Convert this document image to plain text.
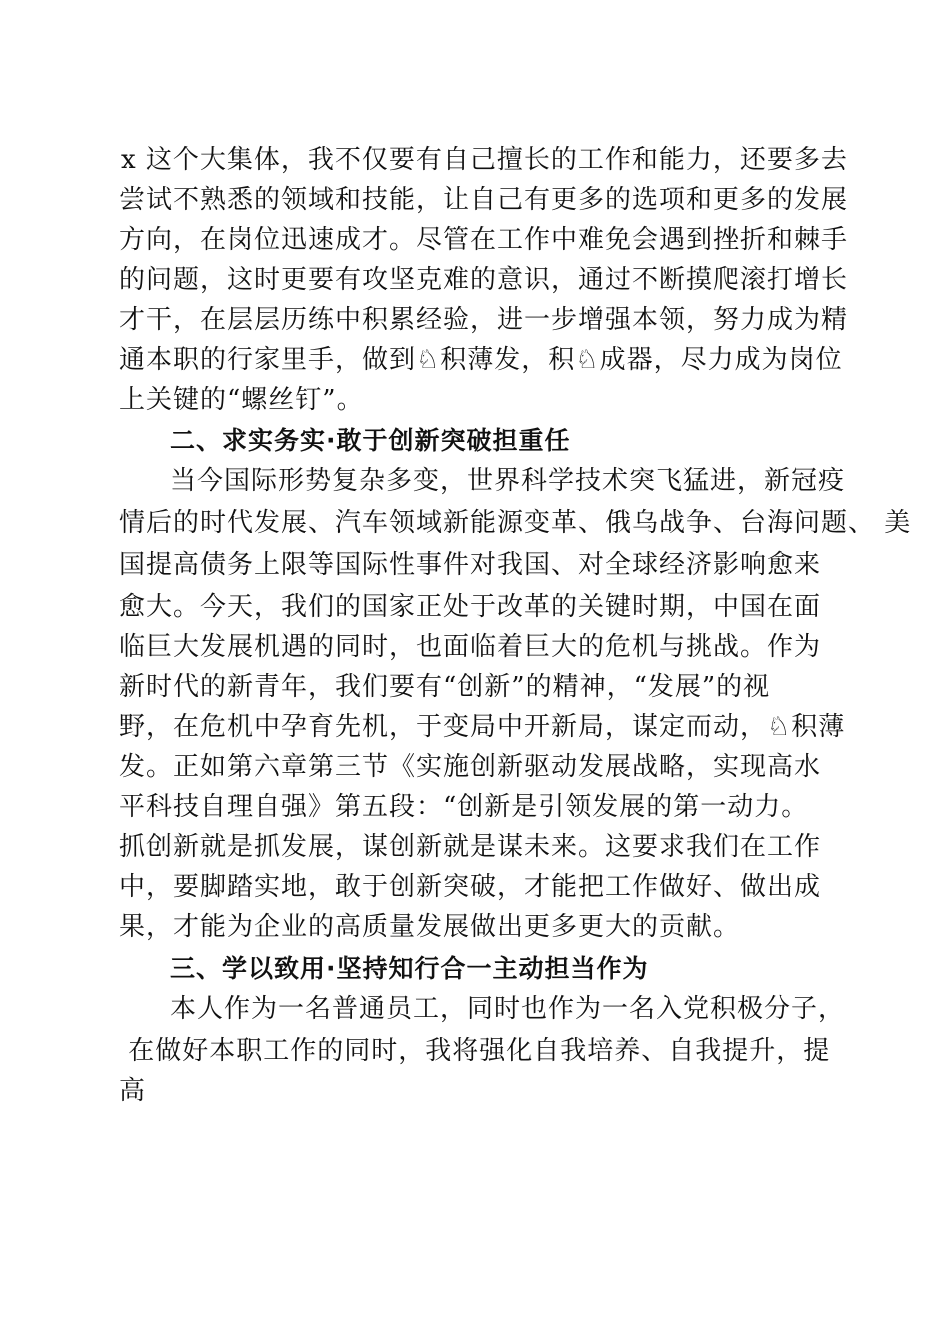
x 这个大集体，我不仅要有自己擅长的工作和能力，还要多去
尝试不熟悉的领域和技能，让自己有更多的选项和更多的发展
方向，在岗位迅速成才。尽管在工作中难免会遇到挫折和棘手
的问题，这时更要有攻坚克难的意识，通过不断摸爬滚打增长
才干，在层层历练中积累经验，进一步增强本领，努力成为精
通本职的行家里手，做到♘积薄发，积♘成器，尽力成为岗位
上关键的“螺丝钉”。
二、求实务实·敢于创新突破担重任
当今国际形势复杂多变，世界科学技术突飞猛进，新冠疫
情后的时代发展、汽车领域新能源变革、俄乌战争、台海问题、 美
国提高债务上限等国际性事件对我国、对全球经济影响愈来
愈大。今天，我们的国家正处于改革的关键时期，中国在面
临巨大发展机遇的同时，也面临着巨大的危机与挑战。作为
新时代的新青年，我们要有“创新”的精神，“发展”的视
野，在危机中孕育先机，于变局中开新局，谋定而动，♘积薄
发。正如第六章第三节《实施创新驱动发展战略，实现高水
平科技自理自强》第五段：“创新是引领发展的第一动力。
抓创新就是抓发展，谋创新就是谋未来。这要求我们在工作
中，要脚踏实地，敢于创新突破，才能把工作做好、做出成
果，才能为企业的高质量发展做出更多更大的贡献。
三、学以致用·坚持知行合一主动担当作为
本人作为一名普通员工，同时也作为一名入党积极分子，
在做好本职工作的同时，我将强化自我培养、自我提升，提
高
